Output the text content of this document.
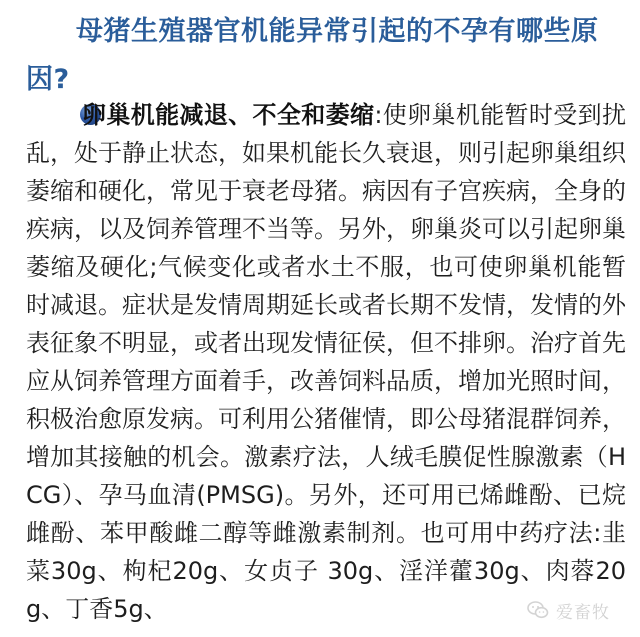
母猪生殖器官机能异常引起的不孕有哪些原因?

卵巢机能减退、不全和萎缩:使卵巢机能暂时受到扰乱，处于静止状态，如果机能长久衰退，则引起卵巢组织萎缩和硬化，常见于衰老母猪。病因有子宫疾病，全身的疾病，以及饲养管理不当等。另外，卵巢炎可以引起卵巢萎缩及硬化;气候变化或者水土不服，也可使卵巢机能暂时减退。症状是发情周期延长或者长期不发情，发情的外表征象不明显，或者出现发情征侯，但不排卵。治疗首先应从饲养管理方面着手，改善饲料品质，增加光照时间，积极治愈原发病。可利用公猪催情，即公母猪混群饲养， 增加其接触的机会。激素疗法，人绒毛膜促性腺激素（HCG）、孕马血清(PMSG)。另外，还可用已烯雌酚、已烷雌酚、苯甲酸雌二醇等雌激素制剂。也可用中药疗法:韭菜30g、枸杞20g、女贞子 30g、淫洋藿30g、肉蓉20g、丁香5g、	爱畜牧
